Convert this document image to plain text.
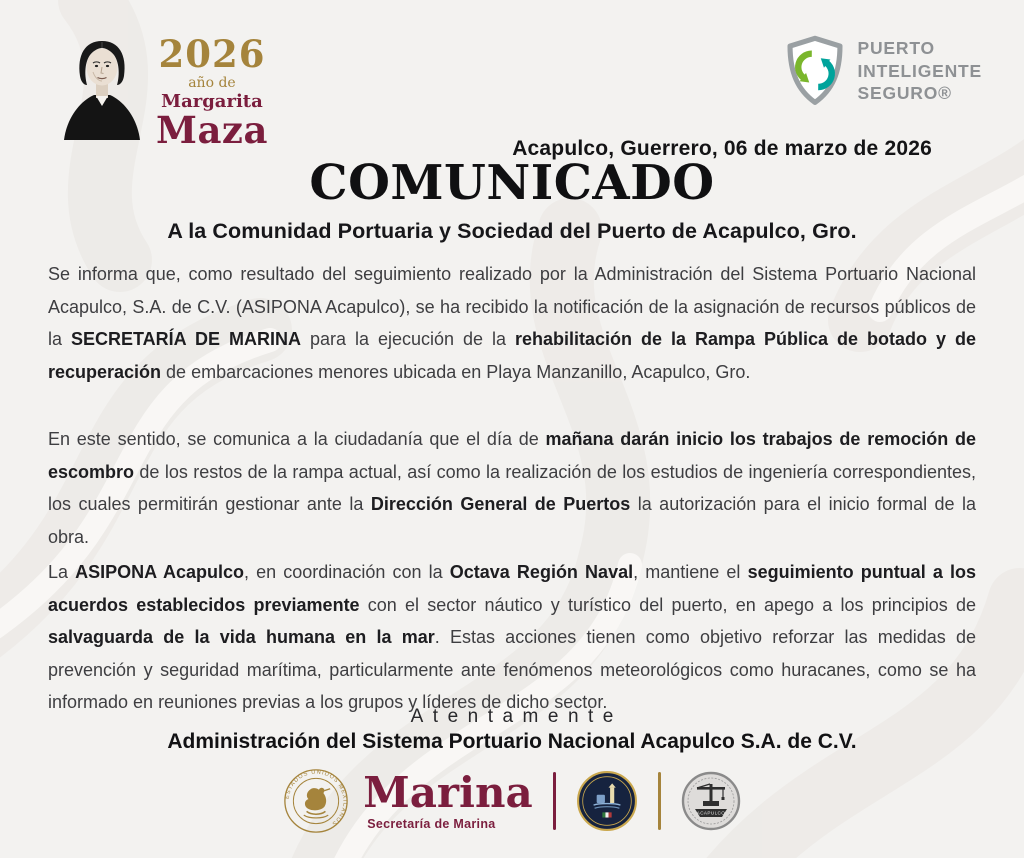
2026
año de
Margarita
Maza
PUERTO
INTELIGENTE
SEGURO®
Acapulco, Guerrero, 06 de marzo de 2026
COMUNICADO
A la Comunidad Portuaria y Sociedad del Puerto de Acapulco, Gro.

Se informa que, como resultado del seguimiento realizado por la Administración del Sistema Portuario Nacional Acapulco, S.A. de C.V. (ASIPONA Acapulco), se ha recibido la notificación de la asignación de recursos públicos de la SECRETARÍA DE MARINA para la ejecución de la rehabilitación de la Rampa Pública de botado y de recuperación de embarcaciones menores ubicada en Playa Manzanillo, Acapulco, Gro.

En este sentido, se comunica a la ciudadanía que el día de mañana darán inicio los trabajos de remoción de escombro de los restos de la rampa actual, así como la realización de los estudios de ingeniería correspondientes, los cuales permitirán gestionar ante la Dirección General de Puertos la autorización para el inicio formal de la obra.

La ASIPONA Acapulco, en coordinación con la Octava Región Naval, mantiene el seguimiento puntual a los acuerdos establecidos previamente con el sector náutico y turístico del puerto, en apego a los principios de salvaguarda de la vida humana en la mar. Estas acciones tienen como objetivo reforzar las medidas de prevención y seguridad marítima, particularmente ante fenómenos meteorológicos como huracanes, como se ha informado en reuniones previas a los grupos y líderes de dicho sector.

Atentamente
Administración del Sistema Portuario Nacional Acapulco S.A. de C.V.
ESTADOS UNIDOS MEXICANOS
Marina
Secretaría de Marina
ACAPULCO
